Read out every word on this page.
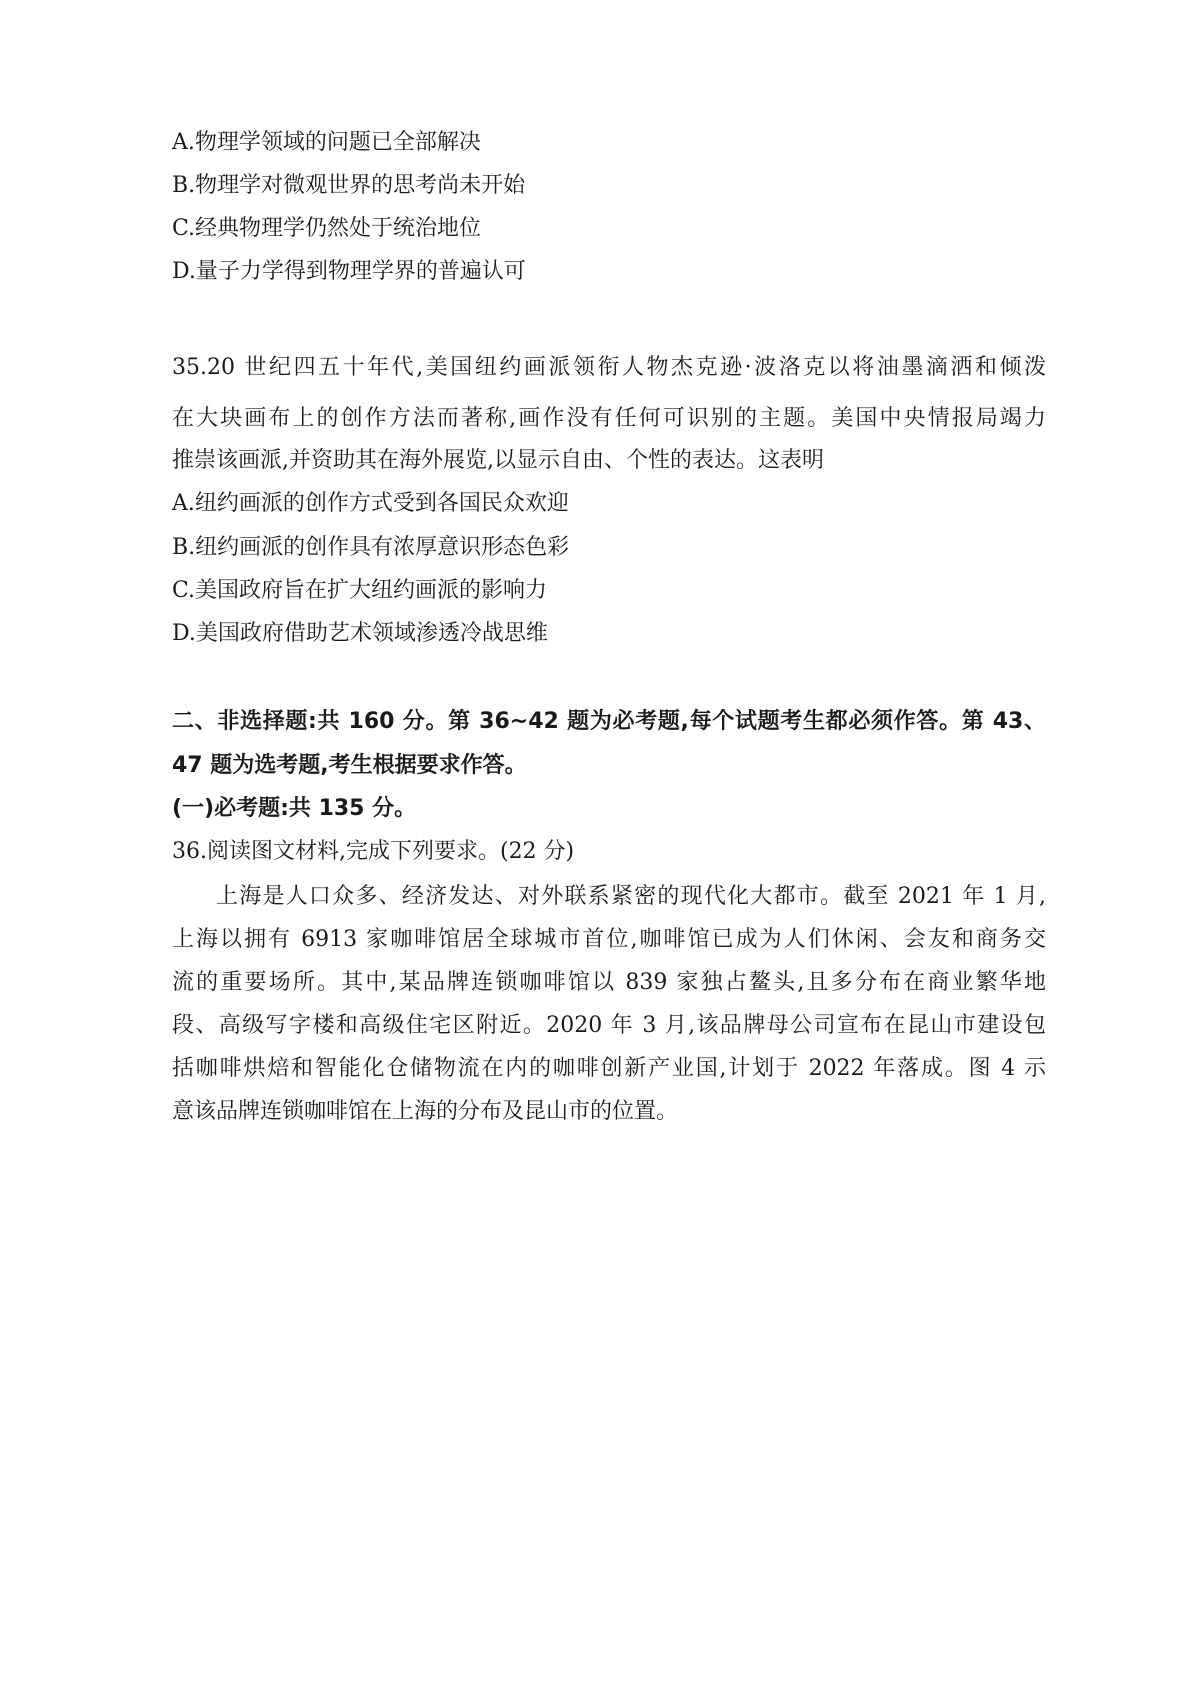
A.物理学领域的问题已全部解决
B.物理学对微观世界的思考尚未开始
C.经典物理学仍然处于统治地位
D.量子力学得到物理学界的普遍认可
35.20 世纪四五十年代,美国纽约画派领衔人物杰克逊·波洛克以将油墨滴洒和倾泼
在大块画布上的创作方法而著称,画作没有任何可识别的主题。美国中央情报局竭力
推崇该画派,并资助其在海外展览,以显示自由、个性的表达。这表明
A.纽约画派的创作方式受到各国民众欢迎
B.纽约画派的创作具有浓厚意识形态色彩
C.美国政府旨在扩大纽约画派的影响力
D.美国政府借助艺术领域渗透冷战思维
二、非选择题:共 160 分。第 36~42 题为必考题,每个试题考生都必须作答。第 43、
47 题为选考题,考生根据要求作答。
(一)必考题:共 135 分。
36.阅读图文材料,完成下列要求。(22 分)
上海是人口众多、经济发达、对外联系紧密的现代化大都市。截至 2021 年 1 月,
上海以拥有 6913 家咖啡馆居全球城市首位,咖啡馆已成为人们休闲、会友和商务交
流的重要场所。其中,某品牌连锁咖啡馆以 839 家独占鳌头,且多分布在商业繁华地
段、高级写字楼和高级住宅区附近。2020 年 3 月,该品牌母公司宣布在昆山市建设包
括咖啡烘焙和智能化仓储物流在内的咖啡创新产业国,计划于 2022 年落成。图 4 示
意该品牌连锁咖啡馆在上海的分布及昆山市的位置。
